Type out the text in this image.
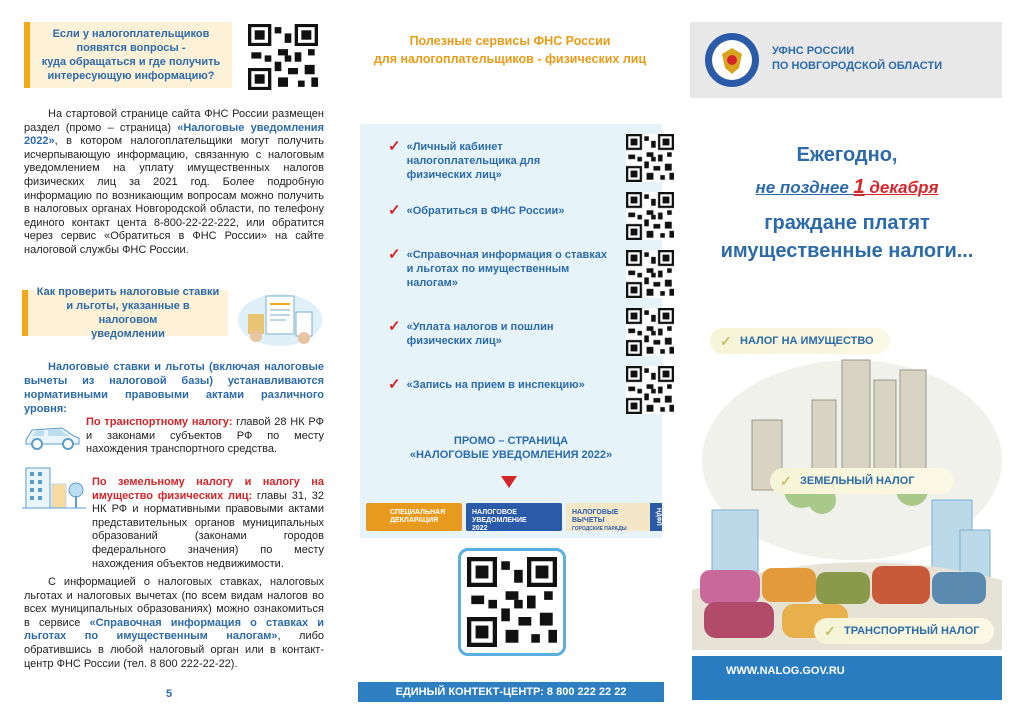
Если у налогоплательщиков
появятся вопросы -
куда обращаться и где получить
интересующую информацию?
На стартовой странице сайта ФНС России размещен раздел (промо – страница) «Налоговые уведомления 2022», в котором налогоплательщики могут получить исчерпывающую информацию, связанную с налоговым уведомлением на уплату имущественных налогов физических лиц за 2021 год. Более подробную информацию по возникающим вопросам можно получить в налоговых органах Новгородской области, по телефону единого контакт цента 8-800-22-22-222, или обратится через сервис «Обратиться в ФНС России» на сайте налоговой службы ФНС России.
Как проверить налоговые ставки
и льготы, указанные в налоговом
уведомлении
Налоговые ставки и льготы (включая налоговые вычеты из налоговой базы) устанавливаются нормативными правовыми актами различного уровня:
По транспортному налогу: главой 28 НК РФ и законами субъектов РФ по месту нахождения транспортного средства.
По земельному налогу и налогу на имущество физических лиц: главы 31, 32 НК РФ и нормативными правовыми актами представительных органов муниципальных образований (законами городов федерального значения) по месту нахождения объектов недвижимости.
С информацией о налоговых ставках, налоговых льготах и налоговых вычетах (по всем видам налогов во всех муниципальных образованиях) можно ознакомиться в сервисе «Справочная информация о ставках и льготах по имущественным налогам», либо обратившись в любой налоговый орган или в контакт-центр ФНС России (тел. 8 800 222-22-22).
5
Полезные сервисы ФНС России
для налогоплательщиков - физических лиц
✓ «Личный кабинет налогоплательщика для физических лиц»
✓ «Обратиться в ФНС России»
✓ «Справочная информация о ставках и льготах по имущественным налогам»
✓ «Уплата налогов и пошлин физических лиц»
✓ «Запись на прием в инспекцию»
ПРОМО – СТРАНИЦА
«НАЛОГОВЫЕ УВЕДОМЛЕНИЯ 2022»
СПЕЦИАЛЬНАЯ
ДЕКЛАРАЦИЯ
НАЛОГОВОЕ
УВЕДОМЛЕНИЕ
2022
НАЛОГОВЫЕ
ВЫЧЕТЫ
ГОРОДСКИЕ ПАРАДЫ
НДФЛ
ЕДИНЫЙ КОНТЕКТ-ЦЕНТР: 8 800 222 22 22
УФНС РОССИИ
ПО НОВГОРОДСКОЙ ОБЛАСТИ
Ежегодно,
не позднее 1 декабря
граждане платят
имущественные налоги...
✓ НАЛОГ НА ИМУЩЕСТВО
✓ ЗЕМЕЛЬНЫЙ НАЛОГ
✓ ТРАНСПОРТНЫЙ НАЛОГ
WWW.NALOG.GOV.RU
